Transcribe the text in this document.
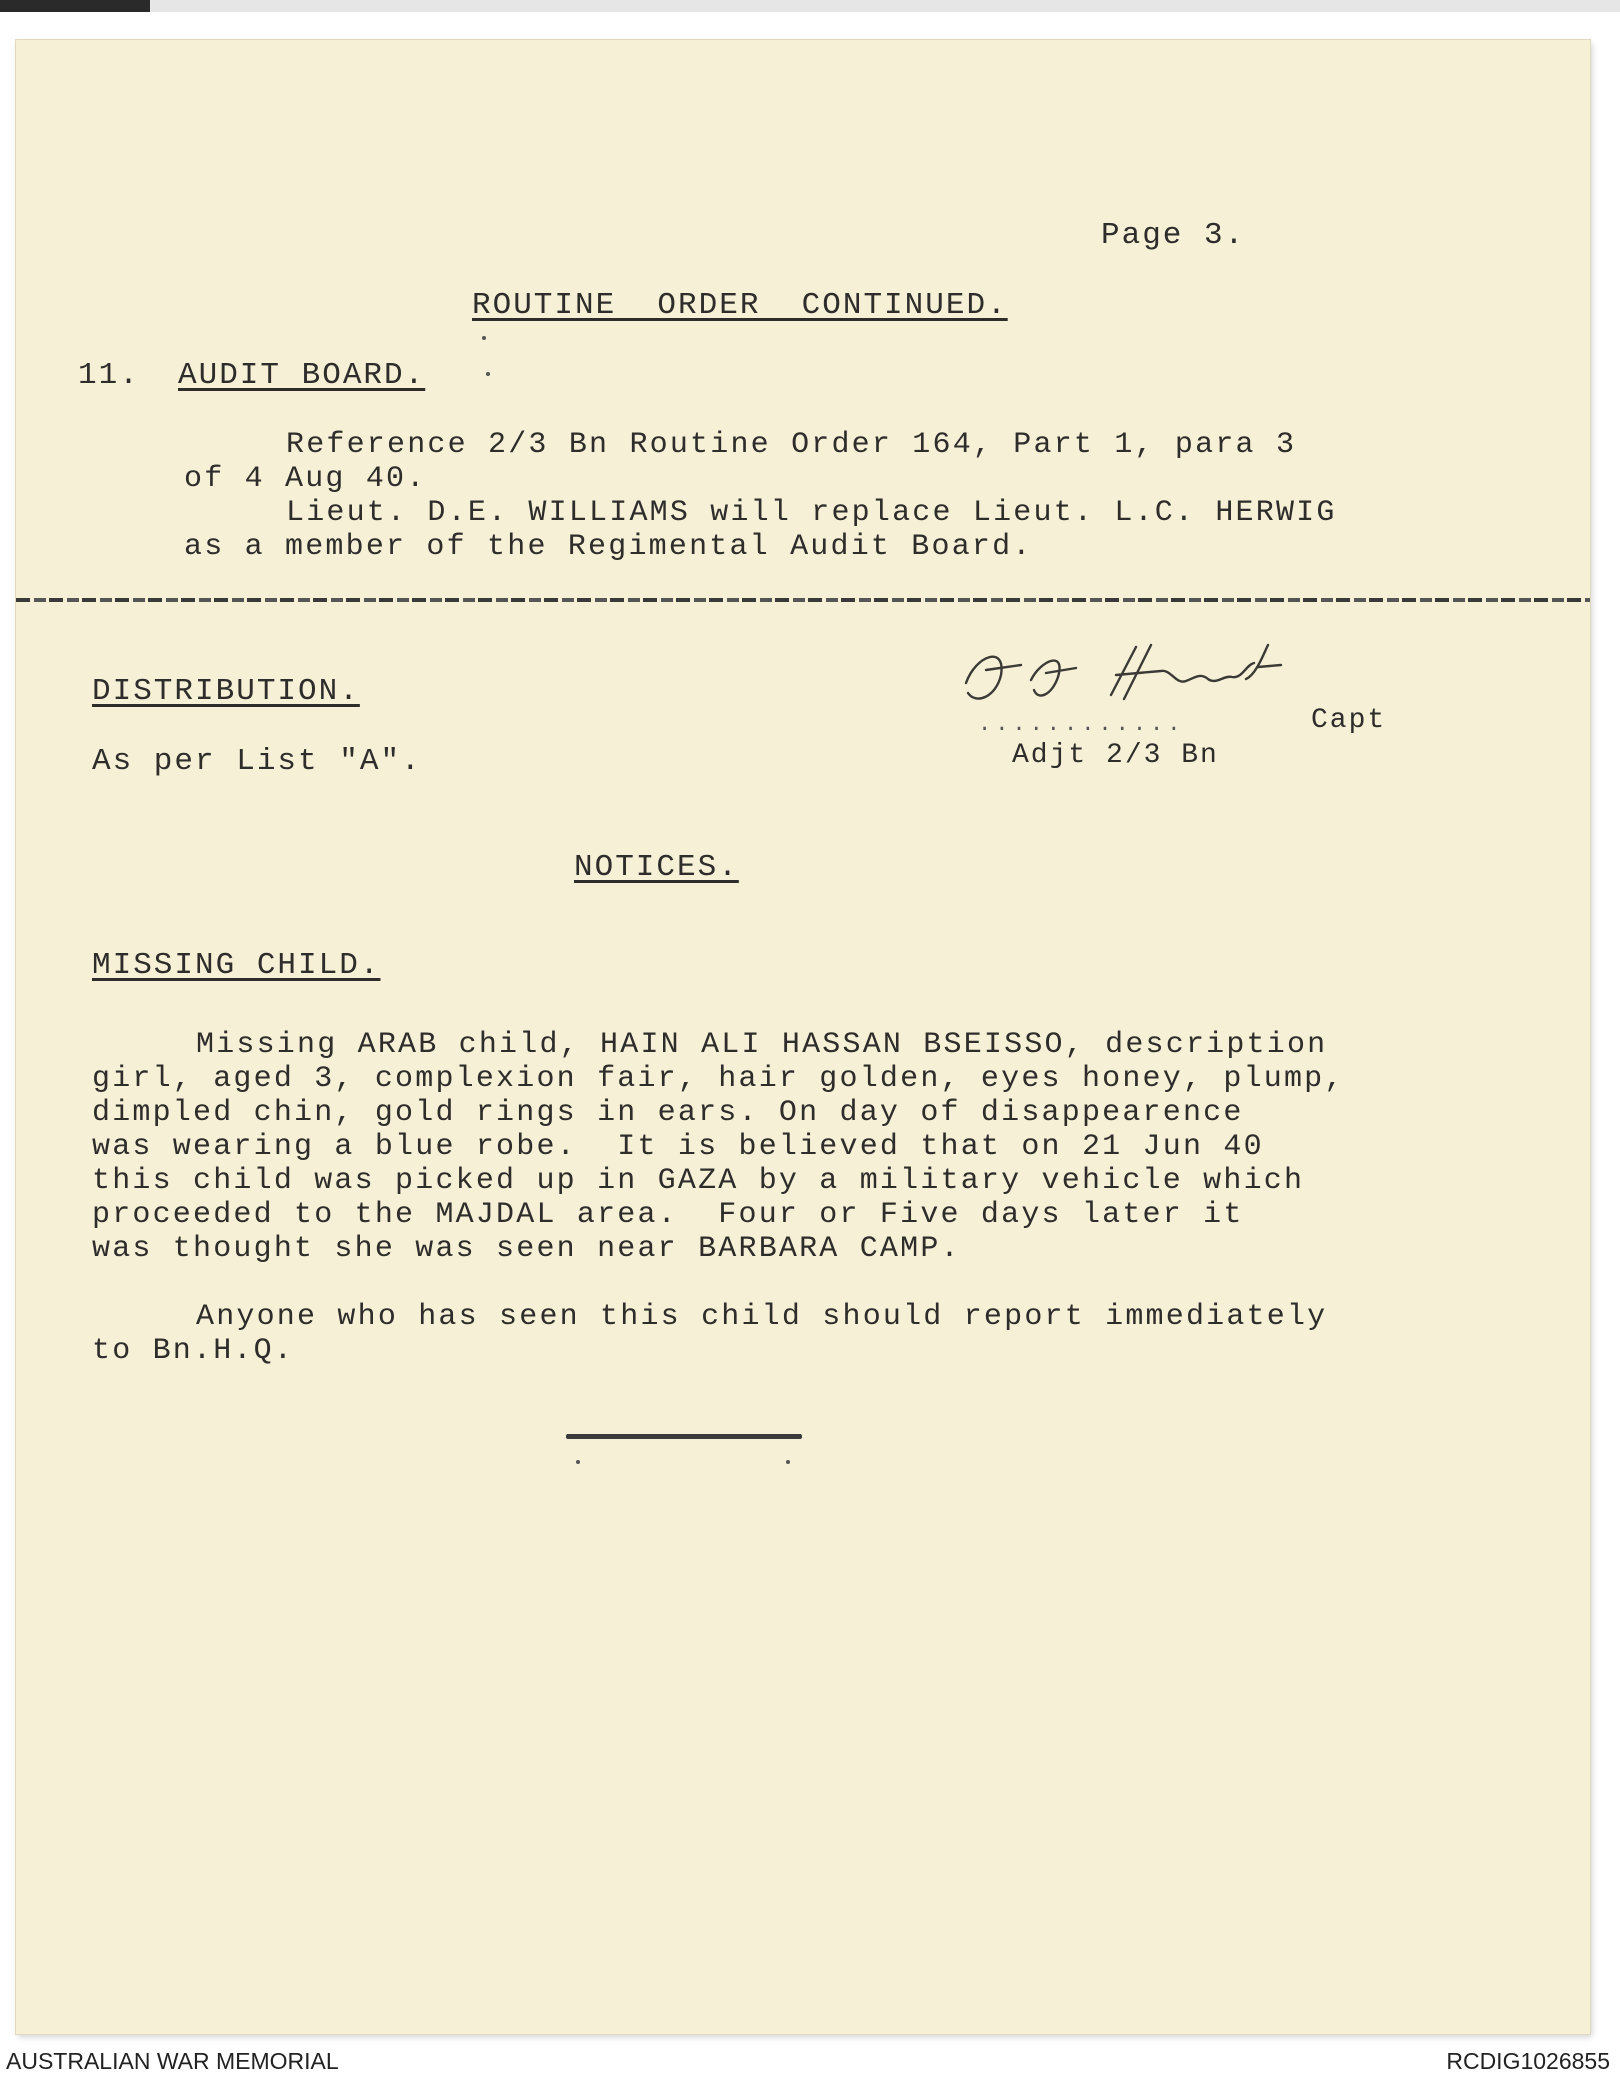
Page 3.
ROUTINE  ORDER  CONTINUED.
11. AUDIT BOARD.
Reference 2/3 Bn Routine Order 164, Part 1, para 3
of 4 Aug 40.
Lieut. D.E. WILLIAMS will replace Lieut. L.C. HERWIG
as a member of the Regimental Audit Board.
DISTRIBUTION.
As per List "A".
............	Capt
Adjt 2/3 Bn
NOTICES.
MISSING CHILD.
Missing ARAB child, HAIN ALI HASSAN BSEISSO, description
girl, aged 3, complexion fair, hair golden, eyes honey, plump,
dimpled chin, gold rings in ears. On day of disappearence
was wearing a blue robe.  It is believed that on 21 Jun 40
this child was picked up in GAZA by a military vehicle which
proceeded to the MAJDAL area.  Four or Five days later it
was thought she was seen near BARBARA CAMP.
Anyone who has seen this child should report immediately
to Bn.H.Q.
AUSTRALIAN WAR MEMORIAL	RCDIG1026855
